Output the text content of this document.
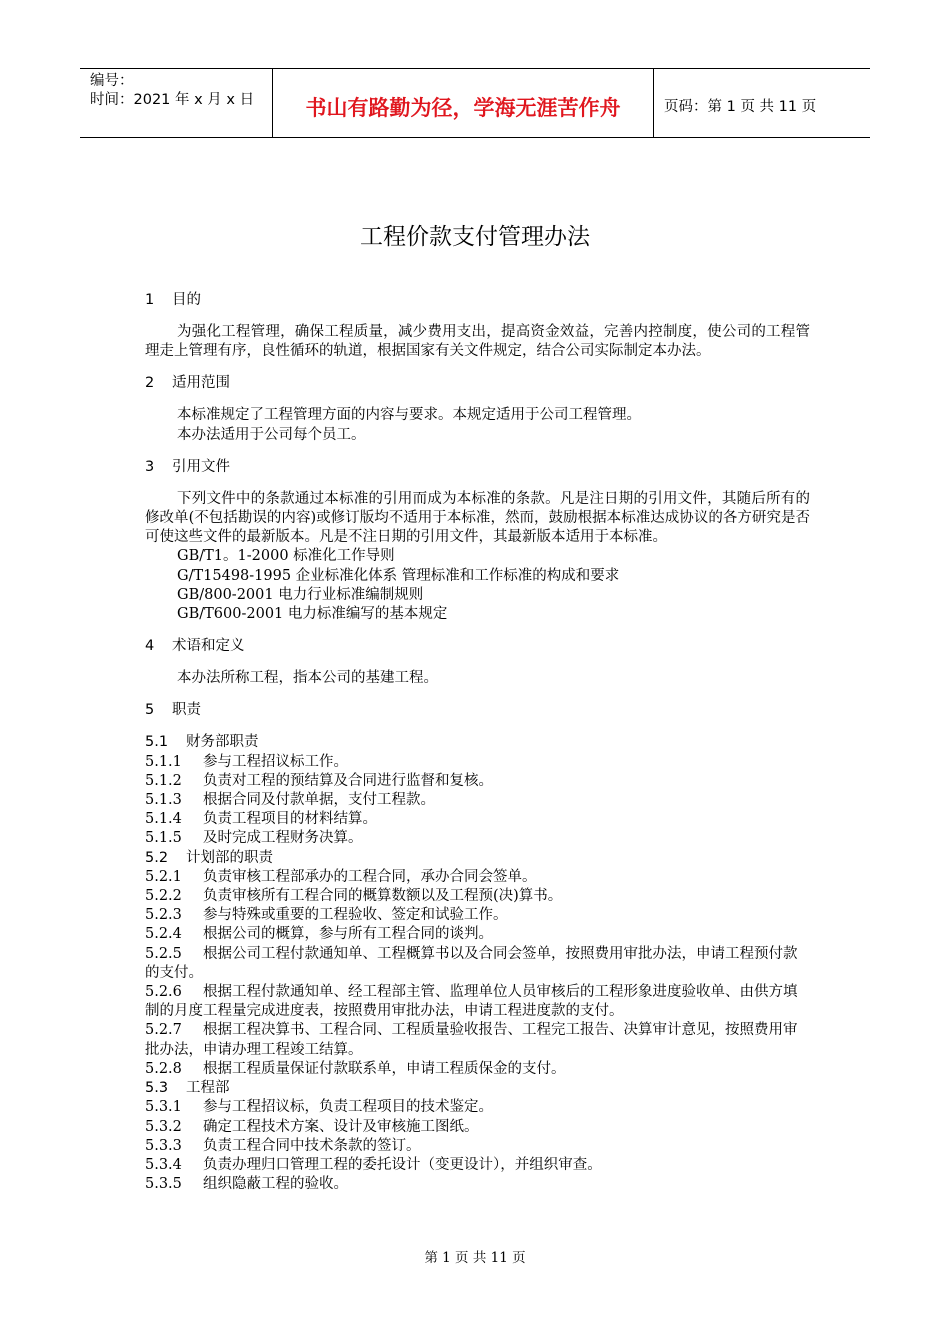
编号：
时间：2021 年 x 月 x 日	书山有路勤为径，学海无涯苦作舟	页码：第 1 页 共 11 页
工程价款支付管理办法

1 目的

为强化工程管理，确保工程质量，减少费用支出，提高资金效益，完善内控制度，使公司的工程管理走上管理有序，良性循环的轨道，根据国家有关文件规定，结合公司实际制定本办法。

2 适用范围

本标准规定了工程管理方面的内容与要求。本规定适用于公司工程管理。

本办法适用于公司每个员工。

3 引用文件

下列文件中的条款通过本标准的引用而成为本标准的条款。凡是注日期的引用文件，其随后所有的修改单(不包括勘误的内容)或修订版均不适用于本标准，然而，鼓励根据本标准达成协议的各方研究是否可使这些文件的最新版本。凡是不注日期的引用文件，其最新版本适用于本标准。

GB/T1。1-2000 标准化工作导则

G/T15498-1995 企业标准化体系 管理标准和工作标准的构成和要求

GB/800-2001 电力行业标准编制规则

GB/T600-2001 电力标准编写的基本规定

4 术语和定义

本办法所称工程，指本公司的基建工程。

5 职责

5.1 财务部职责

5.1.1 参与工程招议标工作。

5.1.2 负责对工程的预结算及合同进行监督和复核。

5.1.3 根据合同及付款单据，支付工程款。

5.1.4 负责工程项目的材料结算。

5.1.5 及时完成工程财务决算。

5.2 计划部的职责

5.2.1 负责审核工程部承办的工程合同，承办合同会签单。

5.2.2 负责审核所有工程合同的概算数额以及工程预(决)算书。

5.2.3 参与特殊或重要的工程验收、签定和试验工作。

5.2.4 根据公司的概算，参与所有工程合同的谈判。

5.2.5 根据公司工程付款通知单、工程概算书以及合同会签单，按照费用审批办法，申请工程预付款的支付。

5.2.6 根据工程付款通知单、经工程部主管、监理单位人员审核后的工程形象进度验收单、由供方填制的月度工程量完成进度表，按照费用审批办法，申请工程进度款的支付。

5.2.7 根据工程决算书、工程合同、工程质量验收报告、工程完工报告、决算审计意见，按照费用审批办法，申请办理工程竣工结算。

5.2.8 根据工程质量保证付款联系单，申请工程质保金的支付。

5.3 工程部

5.3.1 参与工程招议标，负责工程项目的技术鉴定。

5.3.2 确定工程技术方案、设计及审核施工图纸。

5.3.3 负责工程合同中技术条款的签订。

5.3.4 负责办理归口管理工程的委托设计（变更设计），并组织审查。

5.3.5 组织隐蔽工程的验收。

第 1 页 共 11 页
